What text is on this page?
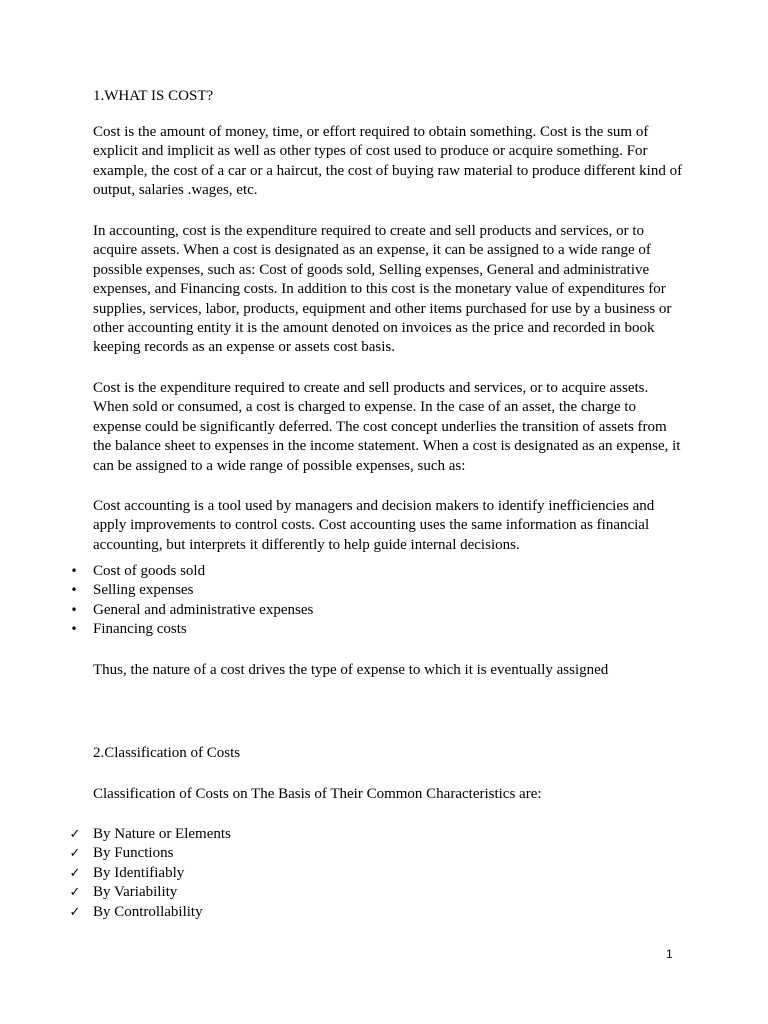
1.WHAT IS COST?

Cost is the amount of money, time, or effort required to obtain something. Cost is the sum of explicit and implicit as well as other types of cost used to produce or acquire something. For example, the cost of a car or a haircut, the cost of buying raw material to produce different kind of output, salaries .wages, etc.

In accounting, cost is the expenditure required to create and sell products and services, or to acquire assets. When a cost is designated as an expense, it can be assigned to a wide range of possible expenses, such as: Cost of goods sold, Selling expenses, General and administrative expenses, and Financing costs. In addition to this cost is the monetary value of expenditures for supplies, services, labor, products, equipment and other items purchased for use by a business or other accounting entity it is the amount denoted on invoices as the price and recorded in book keeping records as an expense or assets cost basis.

Cost is the expenditure required to create and sell products and services, or to acquire assets. When sold or consumed, a cost is charged to expense. In the case of an asset, the charge to expense could be significantly deferred. The cost concept underlies the transition of assets from the balance sheet to expenses in the income statement. When a cost is designated as an expense, it can be assigned to a wide range of possible expenses, such as:

Cost accounting is a tool used by managers and decision makers to identify inefficiencies and apply improvements to control costs. Cost accounting uses the same information as financial accounting, but interprets it differently to help guide internal decisions.

• Cost of goods sold
• Selling expenses
• General and administrative expenses
• Financing costs

Thus, the nature of a cost drives the type of expense to which it is eventually assigned

2.Classification of Costs

Classification of Costs on The Basis of Their Common Characteristics are:

✓ By Nature or Elements
✓ By Functions
✓ By Identifiably
✓ By Variability
✓ By Controllability
1
